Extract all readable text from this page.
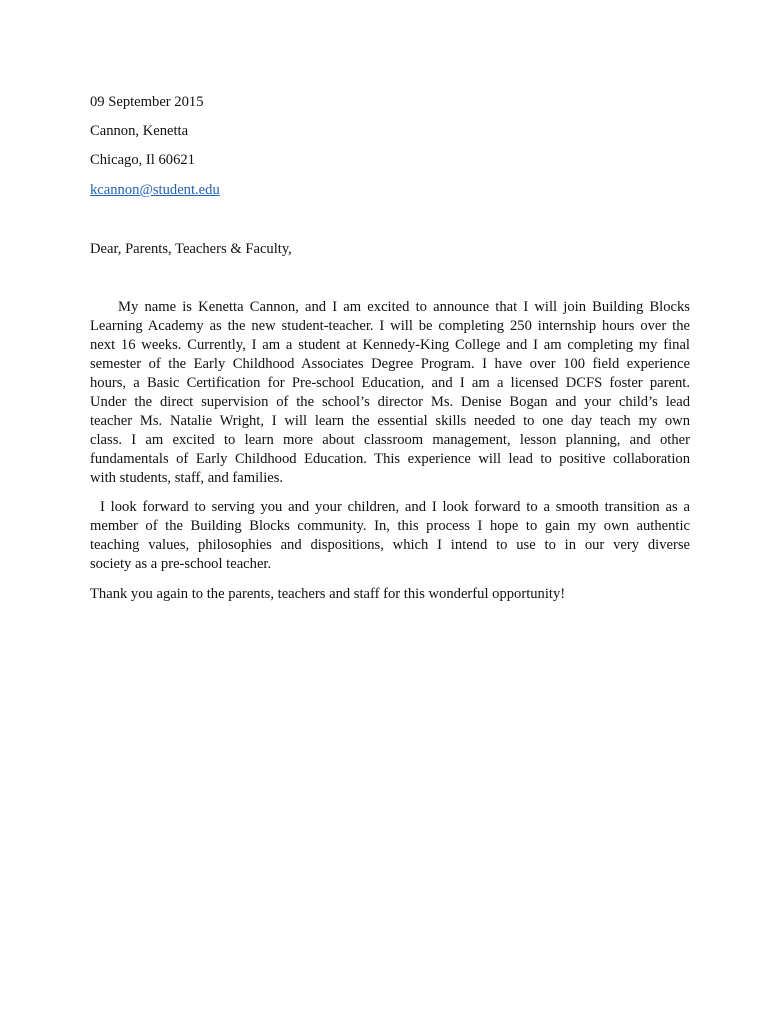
09 September 2015

Cannon, Kenetta

Chicago, Il 60621

kcannon@student.edu

Dear, Parents, Teachers & Faculty,

My name is Kenetta Cannon, and I am excited to announce that I will join Building Blocks
Learning Academy as the new student-teacher. I will be completing 250 internship hours over the
next 16 weeks. Currently, I am a student at Kennedy-King College and I am completing my final
semester of the Early Childhood Associates Degree Program. I have over 100 field experience
hours, a Basic Certification for Pre-school Education, and I am a licensed DCFS foster parent.
Under the direct supervision of the school’s director Ms. Denise Bogan and your child’s lead
teacher Ms. Natalie Wright, I will learn the essential skills needed to one day teach my own
class. I am excited to learn more about classroom management, lesson planning, and other
fundamentals of Early Childhood Education. This experience will lead to positive collaboration
with students, staff, and families.
I look forward to serving you and your children, and I look forward to a smooth transition as a
member of the Building Blocks community. In, this process I hope to gain my own authentic
teaching values, philosophies and dispositions, which I intend to use to in our very diverse
society as a pre-school teacher.
Thank you again to the parents, teachers and staff for this wonderful opportunity!
